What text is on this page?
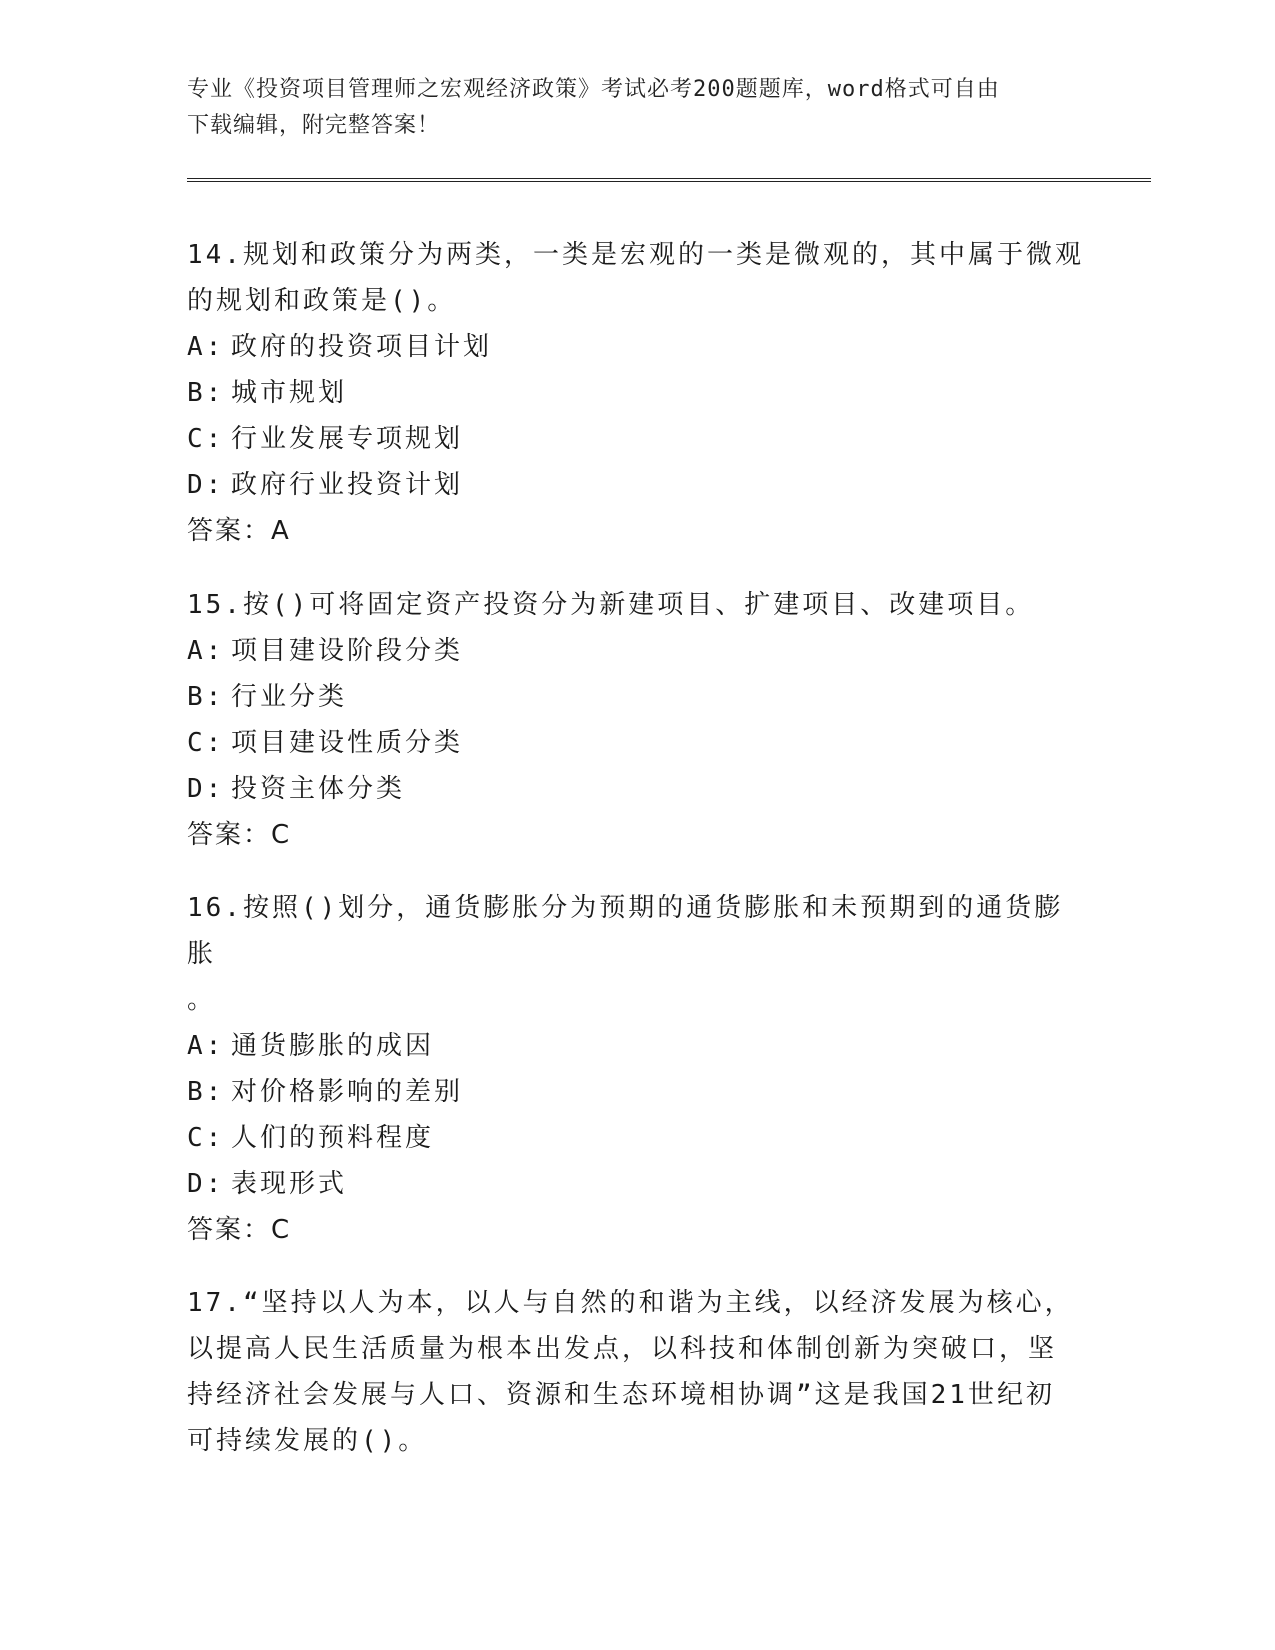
专业《投资项目管理师之宏观经济政策》考试必考200题题库，word格式可自由
下载编辑，附完整答案！
14.规划和政策分为两类，一类是宏观的一类是微观的，其中属于微观
的规划和政策是()。
A: 政府的投资项目计划
B: 城市规划
C: 行业发展专项规划
D: 政府行业投资计划
答案：A
15.按()可将固定资产投资分为新建项目、扩建项目、改建项目。
A: 项目建设阶段分类
B: 行业分类
C: 项目建设性质分类
D: 投资主体分类
答案：C
16.按照()划分，通货膨胀分为预期的通货膨胀和未预期到的通货膨胀
。
A: 通货膨胀的成因
B: 对价格影响的差别
C: 人们的预料程度
D: 表现形式
答案：C
17.“坚持以人为本，以人与自然的和谐为主线，以经济发展为核心，
以提高人民生活质量为根本出发点，以科技和体制创新为突破口，坚
持经济社会发展与人口、资源和生态环境相协调”这是我国21世纪初
可持续发展的()。
